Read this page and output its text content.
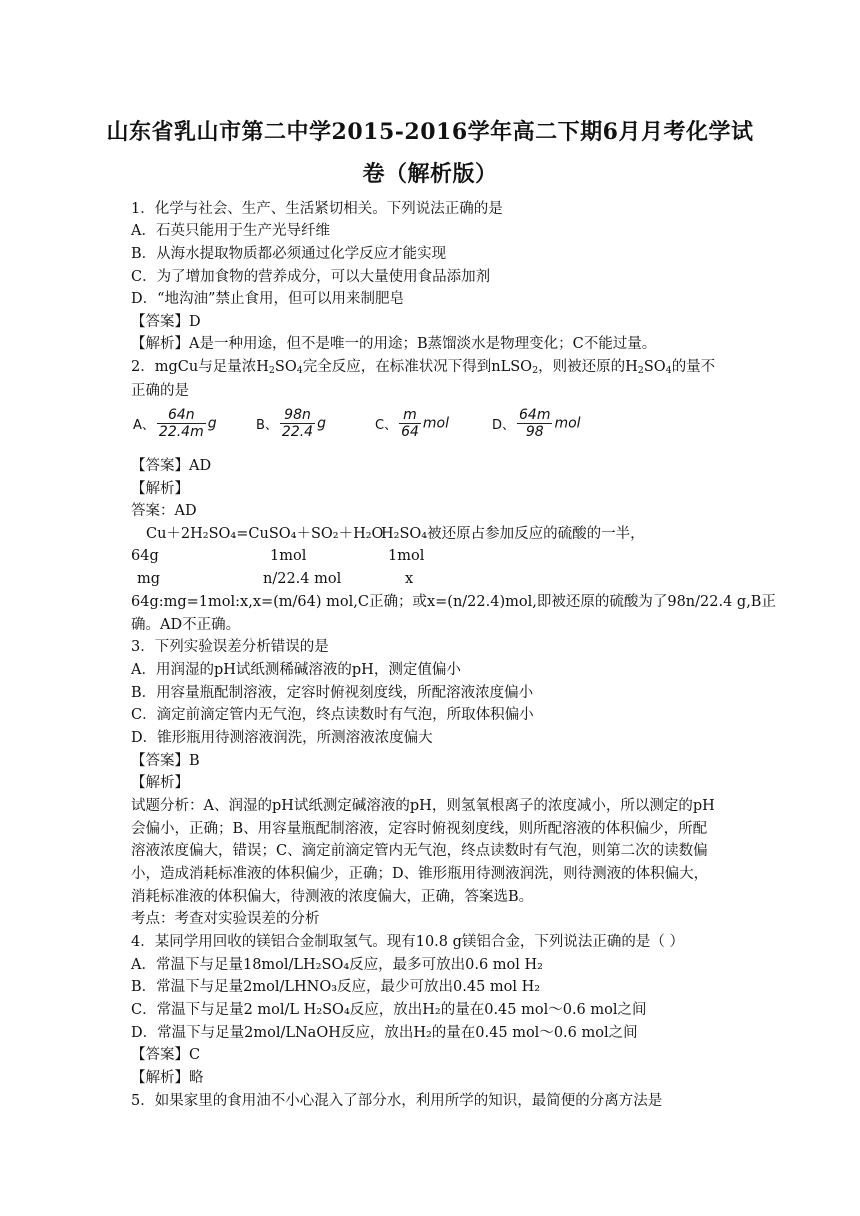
山东省乳山市第二中学2015-2016学年高二下期6月月考化学试
卷（解析版）
1．化学与社会、生产、生活紧切相关。下列说法正确的是
A．石英只能用于生产光导纤维
B．从海水提取物质都必须通过化学反应才能实现
C．为了增加食物的营养成分，可以大量使用食品添加剂
D．“地沟油”禁止食用，但可以用来制肥皂
【答案】D
【解析】A是一种用途，但不是唯一的用途；B蒸馏淡水是物理变化；C不能过量。
2．mgCu与足量浓$H_2SO_4$完全反应，在标准状况下得到nLSO$_2$，则被还原的$H_2SO_4$的量不
正确的是
A、 $\frac{64n}{22.4m}$ g	B、 $\frac{98n}{22.4}$ g	C、 $\frac{m}{64}$ mol	D、 $\frac{64m}{98}$ mol
【答案】AD
【解析】
答案：AD
Cu＋2H₂SO₄=CuSO₄＋SO₂＋H₂O
H₂SO₄被还原占参加反应的硫酸的一半，
64g	1mol	1mol
mg	n/22.4 mol	x
64g:mg=1mol:x,x=(m/64) mol,C正确；或x=(n/22.4)mol,即被还原的硫酸为了98n/22.4 g,B正
确。AD不正确。
3．下列实验误差分析错误的是
A．用润湿的pH试纸测稀碱溶液的pH，测定值偏小
B．用容量瓶配制溶液，定容时俯视刻度线，所配溶液浓度偏小
C．滴定前滴定管内无气泡，终点读数时有气泡，所取体积偏小
D．锥形瓶用待测溶液润洗，所测溶液浓度偏大
【答案】B
【解析】
试题分析：A、润湿的pH试纸测定碱溶液的pH，则氢氧根离子的浓度减小，所以测定的pH
会偏小，正确；B、用容量瓶配制溶液，定容时俯视刻度线，则所配溶液的体积偏少，所配
溶液浓度偏大，错误；C、滴定前滴定管内无气泡，终点读数时有气泡，则第二次的读数偏
小，造成消耗标准液的体积偏少，正确；D、锥形瓶用待测液润洗，则待测液的体积偏大，
消耗标准液的体积偏大，待测液的浓度偏大，正确，答案选B。
考点：考查对实验误差的分析
4．某同学用回收的镁铝合金制取氢气。现有10.8 g镁铝合金，下列说法正确的是（ ）
A．常温下与足量18mol/LH₂SO₄反应，最多可放出0.6 mol H₂
B．常温下与足量2mol/LHNO₃反应，最少可放出0.45 mol H₂
C．常温下与足量2 mol/L H₂SO₄反应，放出H₂的量在0.45 mol～0.6 mol之间
D．常温下与足量2mol/LNaOH反应，放出H₂的量在0.45 mol～0.6 mol之间
【答案】C
【解析】略
5．如果家里的食用油不小心混入了部分水，利用所学的知识，最简便的分离方法是
